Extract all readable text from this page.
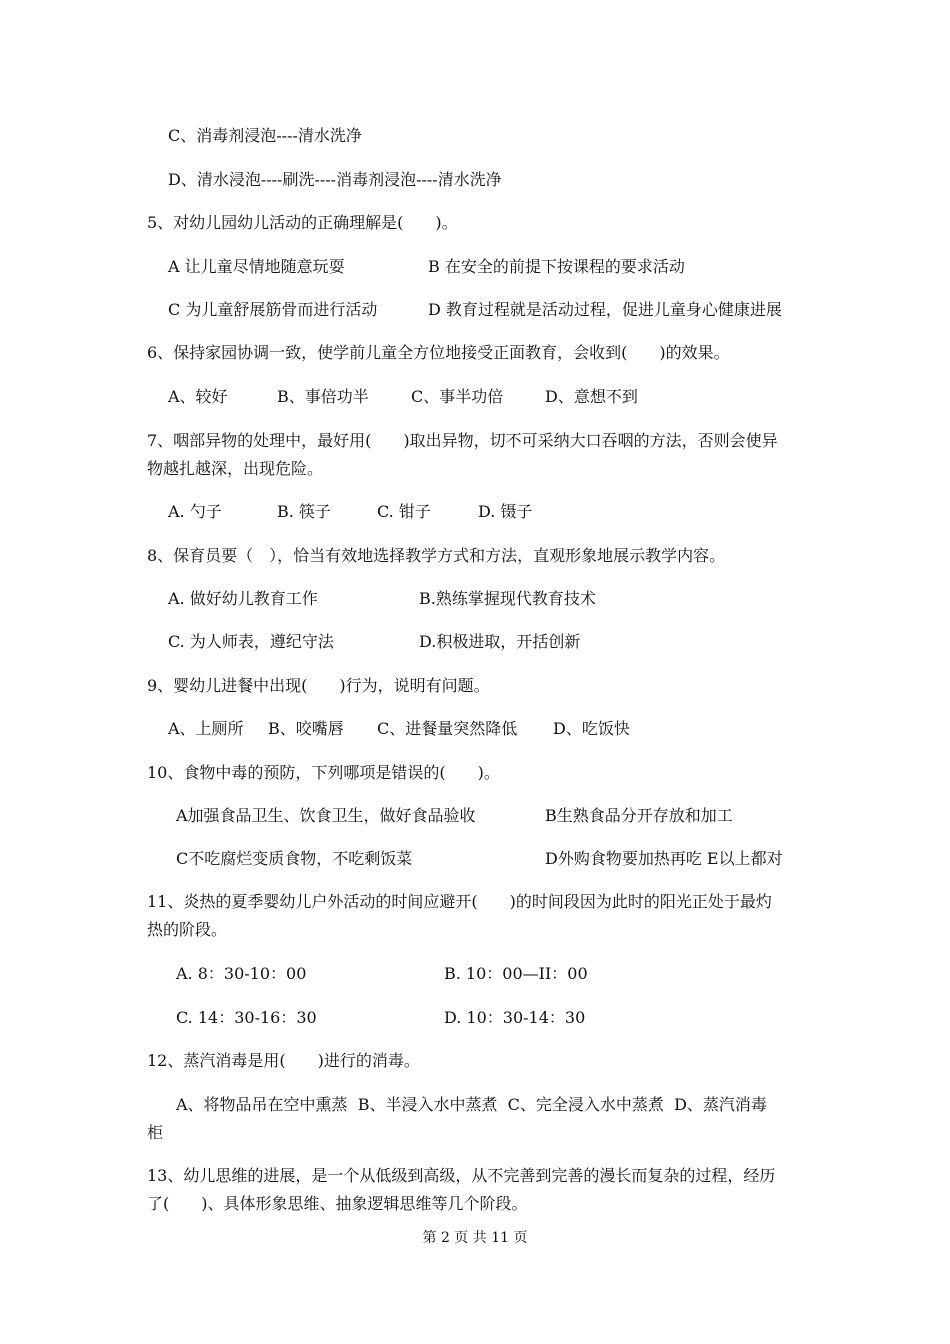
C、消毒剂浸泡----清水洗净
D、清水浸泡----刷洗----消毒剂浸泡----清水洗净
5、对幼儿园幼儿活动的正确理解是(　　)。
A 让儿童尽情地随意玩耍	B 在安全的前提下按课程的要求活动
C 为儿童舒展筋骨而进行活动	D 教育过程就是活动过程，促进儿童身心健康进展
6、保持家园协调一致，使学前儿童全方位地接受正面教育，会收到(　　)的效果。
A、较好	B、事倍功半	C、事半功倍	D、意想不到
7、咽部异物的处理中，最好用(　　)取出异物，切不可采纳大口吞咽的方法，否则会使异
物越扎越深，出现危险。
A. 勺子	B. 筷子	C. 钳子	D. 镊子
8、保育员要（　），恰当有效地选择教学方式和方法，直观形象地展示教学内容。
A. 做好幼儿教育工作	B.熟练掌握现代教育技术
C. 为人师表，遵纪守法	D.积极进取，开括创新
9、婴幼儿进餐中出现(　　)行为，说明有问题。
A、上厕所 B、咬嘴唇 C、进餐量突然降低 D、吃饭快
10、食物中毒的预防，下列哪项是错误的(　　)。
A加强食品卫生、饮食卫生，做好食品验收	B生熟食品分开存放和加工
C不吃腐烂变质食物，不吃剩饭菜	D外购食物要加热再吃 E以上都对
11、炎热的夏季婴幼儿户外活动的时间应避开(　　)的时间段因为此时的阳光正处于最灼
热的阶段。
A. 8：30-10：00	B. 10：00—II：00
C. 14：30-16：30	D. 10：30-14：30
12、蒸汽消毒是用(　　)进行的消毒。
A、将物品吊在空中熏蒸  B、半浸入水中蒸煮  C、完全浸入水中蒸煮  D、蒸汽消毒
柜
13、幼儿思维的进展，是一个从低级到高级，从不完善到完善的漫长而复杂的过程，经历
了(　　)、具体形象思维、抽象逻辑思维等几个阶段。
第 2 页 共 11 页
